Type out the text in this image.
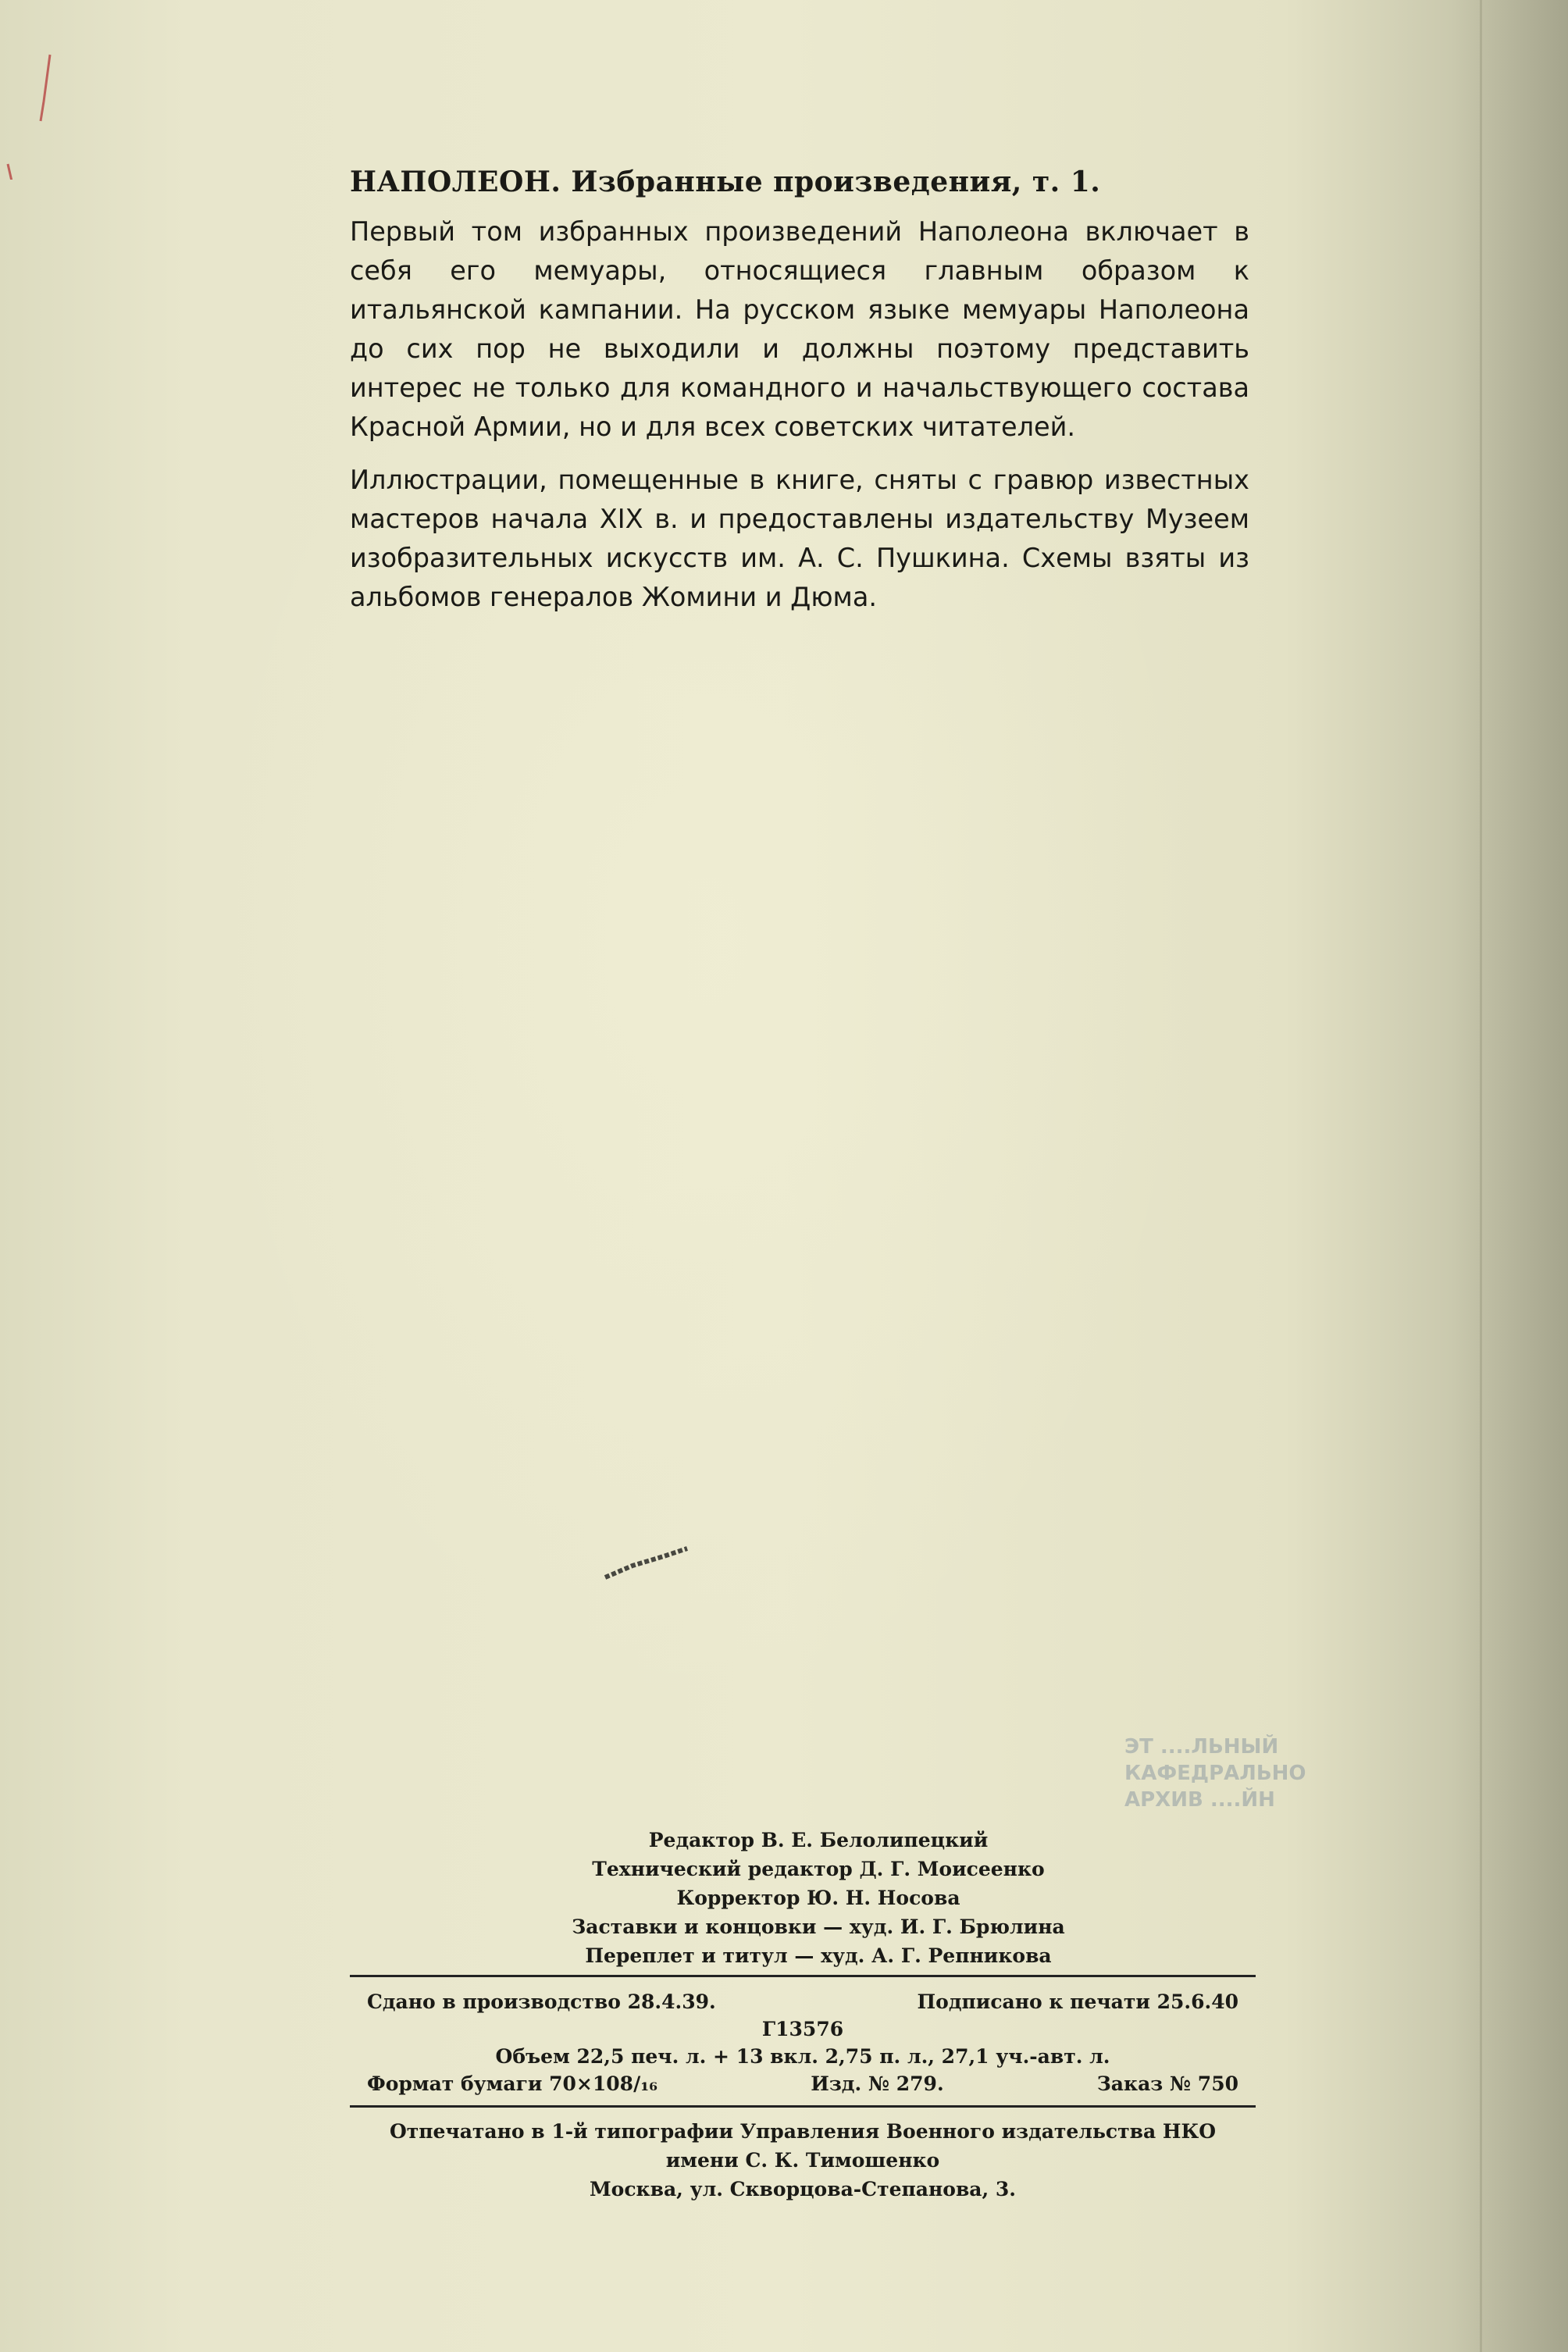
НАПОЛЕОН. Избранные произведения, т. 1.

Первый том избранных произведений Наполеона включает в себя его мемуары, относящиеся главным образом к итальянской кампании. На русском языке мемуары Наполеона до сих пор не выходили и должны поэтому представить интерес не только для командного и начальствующего состава Красной Армии, но и для всех советских читателей.

Иллюстрации, помещенные в книге, сняты с гравюр известных мастеров начала XIX в. и предоставлены издательству Музеем изобразительных искусств им. А. С. Пушкина. Схемы взяты из альбомов генералов Жомини и Дюма.

ЭТ ....ЛЬНЫЙ
КАФЕДРАЛЬНО
АРХИВ ....ЙН
Редактор В. Е. Белолипецкий
Технический редактор Д. Г. Моисеенко
Корректор Ю. Н. Носова
Заставки и концовки — худ. И. Г. Брюлина
Переплет и титул — худ. А. Г. Репникова
Сдано в производство 28.4.39.	Подписано к печати 25.6.40
Г13576
Объем 22,5 печ. л. + 13 вкл. 2,75 п. л., 27,1 уч.-авт. л.
Формат бумаги 70×108/₁₆	Изд. № 279.	Заказ № 750
Отпечатано в 1-й типографии Управления Военного издательства НКО
имени С. К. Тимошенко
Москва, ул. Скворцова-Степанова, 3.
